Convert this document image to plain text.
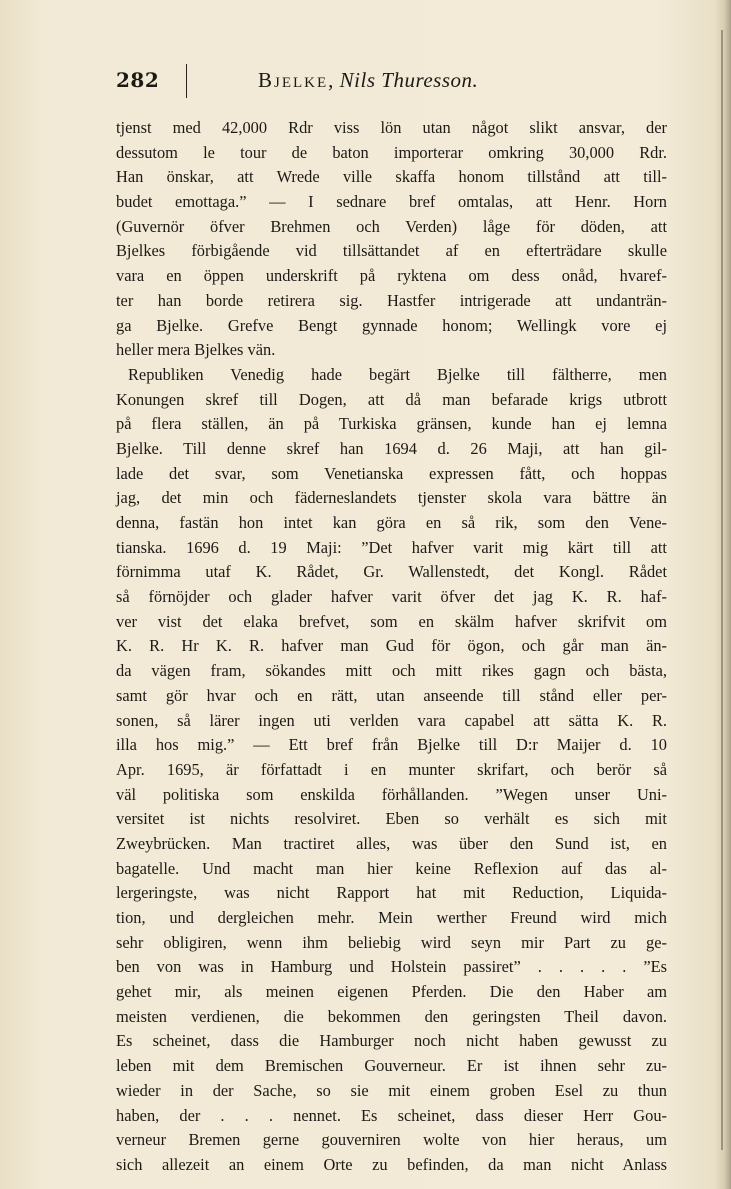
282	Bjelke, Nils Thuresson.
tjenst med 42,000 Rdr viss lön utan något slikt ansvar, der
dessutom le tour de baton importerar omkring 30,000 Rdr.
Han önskar, att Wrede ville skaffa honom tillstånd att till-
budet emottaga.” — I sednare bref omtalas, att Henr. Horn
(Guvernör öfver Brehmen och Verden) låge för döden, att
Bjelkes förbigående vid tillsättandet af en efterträdare skulle
vara en öppen underskrift på ryktena om dess onåd, hvaref-
ter han borde retirera sig. Hastfer intrigerade att undanträn-
ga Bjelke. Grefve Bengt gynnade honom; Wellingk vore ej
heller mera Bjelkes vän.
Republiken Venedig hade begärt Bjelke till fältherre, men
Konungen skref till Dogen, att då man befarade krigs utbrott
på flera ställen, än på Turkiska gränsen, kunde han ej lemna
Bjelke. Till denne skref han 1694 d. 26 Maji, att han gil-
lade det svar, som Venetianska expressen fått, och hoppas
jag, det min och fäderneslandets tjenster skola vara bättre än
denna, fastän hon intet kan göra en så rik, som den Vene-
tianska. 1696 d. 19 Maji: ”Det hafver varit mig kärt till att
förnimma utaf K. Rådet, Gr. Wallenstedt, det Kongl. Rådet
så förnöjder och glader hafver varit öfver det jag K. R. haf-
ver vist det elaka brefvet, som en skälm hafver skrifvit om
K. R. Hr K. R. hafver man Gud för ögon, och går man än-
da vägen fram, sökandes mitt och mitt rikes gagn och bästa,
samt gör hvar och en rätt, utan anseende till stånd eller per-
sonen, så lärer ingen uti verlden vara capabel att sätta K. R.
illa hos mig.” — Ett bref från Bjelke till D:r Maijer d. 10
Apr. 1695, är författadt i en munter skrifart, och berör så
väl politiska som enskilda förhållanden. ”Wegen unser Uni-
versitet ist nichts resolviret. Eben so verhält es sich mit
Zweybrücken. Man tractiret alles, was über den Sund ist, en
bagatelle. Und macht man hier keine Reflexion auf das al-
lergeringste, was nicht Rapport hat mit Reduction, Liquida-
tion, und dergleichen mehr. Mein werther Freund wird mich
sehr obligiren, wenn ihm beliebig wird seyn mir Part zu ge-
ben von was in Hamburg und Holstein passiret” . . . . . ”Es
gehet mir, als meinen eigenen Pferden. Die den Haber am
meisten verdienen, die bekommen den geringsten Theil davon.
Es scheinet, dass die Hamburger noch nicht haben gewusst zu
leben mit dem Bremischen Gouverneur. Er ist ihnen sehr zu-
wieder in der Sache, so sie mit einem groben Esel zu thun
haben, der . . . nennet. Es scheinet, dass dieser Herr Gou-
verneur Bremen gerne gouverniren wolte von hier heraus, um
sich allezeit an einem Orte zu befinden, da man nicht Anlass
